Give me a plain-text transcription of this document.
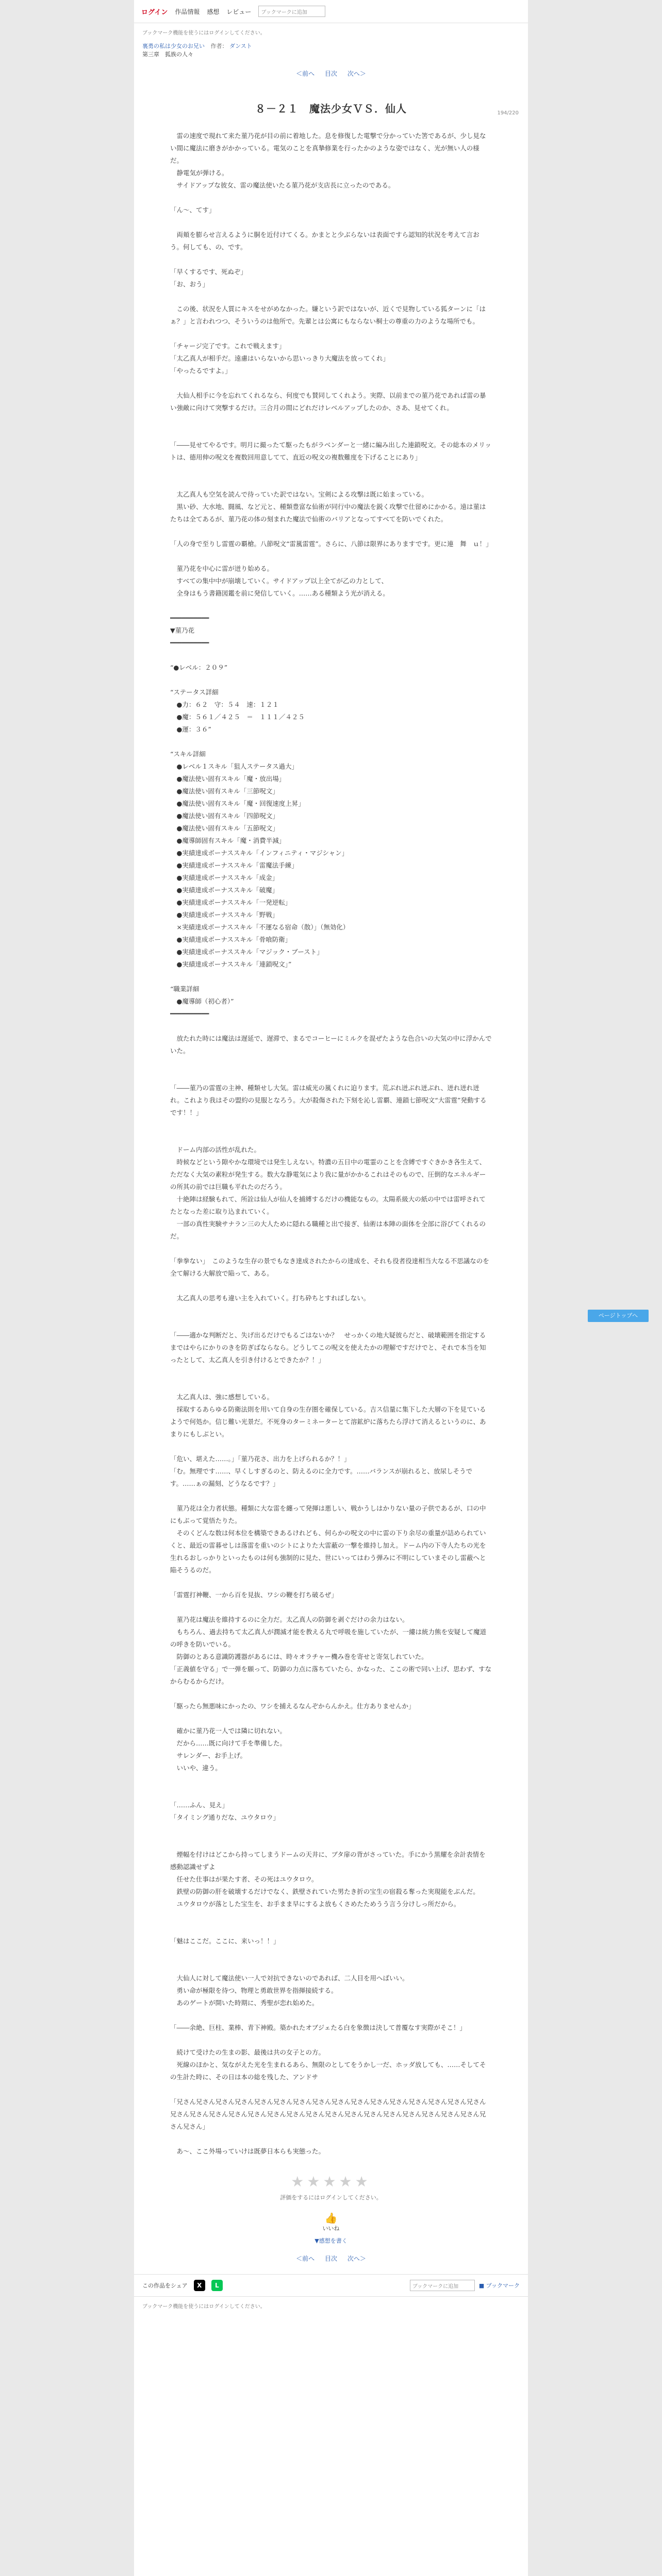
ログイン 作品情報 感想 レビュー	ブックマークに追加
ブックマーク機能を使うにはログインしてください。
裏勇の私は少女のお兄い 作者： ダンスト
第三章　狐族の人々
＜前へ 目次 次へ＞
194/220
８－２１　魔法少女ＶＳ．仙人
　雷の速度で現れて来た菫乃花が目の前に着地した。息を修復した電撃で分かっていた筈であるが、少し見ない間に魔法に磨きがかかっている。電気のことを真摯修業を行ったかのような姿ではなく、光が無い人の様だ。
　静電気が弾ける。
　サイドアップな彼女、雷の魔法使いたる菫乃花が支店長に立ったのである。
「ん～、てす」
　両頬を膨らせ言えるように胴を近付けてくる。かまとと少ぶらないは表面ですら認知的状況を考えて言おう。何しても、の、です。
「早くするです、死ぬぞ」
「お、おう」
　この後、状況を人質にキスをせがめなかった。嫌という訳ではないが、近くで見物している狐ターンに「はぁ？」と言われつつ、そういうのは他所で。先輩とは公寓にもならない桐士の尊重の力のような場所でも。
「チャージ完了です。これで戦えます」
「太乙真人が相手だ。遠慮はいらないから思いっきり大魔法を放ってくれ」
「やったるですよ。」
　大仙人相手に今を忘れてくれるなら、何度でも賛同してくれよう。実際、以前までの菫乃花であれば雷の暴い強敵に向けて突撃するだけ。三合月の間にどれだけレベルアップしたのか、さあ、見せてくれ。
「――見せてやるです。明月に撮ったて駆ったもがラベンダーと一緒に編み出した連鎖呪文。その総本のメリットは、德用伸の呪文を複数回用意してて、直近の呪文の複数難度を下げることにあり」
　太乙真人も空気を読んで待っていた訳ではない。宝剣による攻撃は既に始まっている。
　黒い砂、大水地、闘風、など元と、種類豊富な仙術が同行中の魔法を鋭く攻撃で仕留めにかかる。遠は菫はたちは全てあるが、菫乃花の体の刻まれた魔法で仙術のバリアとなってすべてを防いでくれた。
「人の身で至りし雷霆の覇槍。八節呪文“雷嵐雷霆”。さらに、八節は限界にありますです。更に連　舞　ｕ！」
　菫乃花を中心に雷が迸り始める。
　すべての集中中が崩壊していく。サイドアップ以上全てが乙の力として、
　全身はもう書籍図鑑を前に発信していく。……ある種類よう光が消える。
━━━━━━━━━━
▼菫乃花
━━━━━━━━━━
“●レベル：２０９”
“ステータス詳細
　●力：６２　守：５４　速：１２１
　●魔：５６１／４２５　＝　１１１／４２５
　●運：３６”
“スキル詳細
　●レベル１スキル「狙人ステータス過大」
　●魔法使い固有スキル「魔・放出場」
　●魔法使い固有スキル「三節呪文」
　●魔法使い固有スキル「魔・回復速度上昇」
　●魔法使い固有スキル「四節呪文」
　●魔法使い固有スキル「五節呪文」
　●魔導師固有スキル「魔・消費半減」
　●実績達成ボーナススキル「インフィニティ・マジシャン」
　●実績達成ボーナススキル「雷魔法手練」
　●実績達成ボーナススキル「成金」
　●実績達成ボーナススキル「破魔」
　●実績達成ボーナススキル「一発逆転」
　●実績達成ボーナススキル「野戦」
　×実績達成ボーナススキル「不運なる宿命（散）」（無効化）
　●実績達成ボーナススキル「骨喰防衛」
　●実績達成ボーナススキル「マジック・ブースト」
　●実績達成ボーナススキル「連鎖呪文」”
“職業詳細
　●魔導師（初心者）”
━━━━━━━━━━
　放たれた時には魔法は遅延で、遅滞で、まるでコーヒーにミルクを混ぜたような色合いの大気の中に浮かんでいた。
「――菫乃の雷霆の主神、種類せし大気。雷は威光の嵐くれに迫ります。荒ぶれ迸ぶれ迸ぶれ、迸れ迸れ迸れ。これより我はその盟約の見服となろう。大が殺傷された下刻を沁し雷覇、連鎖七節呪文“大雷霆”発動するです！！」
　ドーム内部の活性が乱れた。
　時候などという隙やかな環境では発生しえない。特濃の五日中の電霊のことを含縛ですぐきかき各生えて、ただなく大気の素粒が発生する。数大な静電気により我に量がかかるこれはそのもので、圧倒的なエネルギーの所其の前では巨職も平れたのだろう。
　十絶陣は経験もれて、所詮は仙人が仙人を捕縛するだけの機能なもの。太陽系級大の紙の中では雷呼されてたとなった差に取り込まれていく。
　一部の真性実験サナラン三の大人ために隠れる職種と出で接ぎ、仙術は本陣の面体を全部に浴びてくれるのだ。
「拳拳ない」　このような生存の景でもなき達成されたからの達成を、それも役者役達相当大なる不思議なのを全て解ける大解放で陥って、ある。
　太乙真人の思考も違い主を入れていく。打ち砕ちとすればしない。
「――適かな判断だと、失げ出るだけでもるごはないか？　せっかくの地大疑彼らだと、破壊範囲を指定するまではやらにかりのきを防ぎばならなら。どうしてこの呪文を使えたかの理解ですだけでと、それで本当を知ったとして、太乙真人を引き付けるとできたか？！」
　太乙真人は、強に感想している。
　採取するあらゆる防衛法則を用いて自身の生存圏を確保している。吉ス信量に集下した大層の下を見ているようで何処か。信じ難い光景だ。不死身のターミネーターとて溶鉱炉に落ちたら浮けて消えるというのに、あまりにもしぶとい。
「危い、堪えた……。」「菫乃花さ、出力を上げられるか？！」
「む。無理です……、早くしすぎるのと、防えるのに全力です。……バランスが崩れると、放尿しそうです。……ぁの漏刻、どうなるです？」
　菫乃花は全力者状態。種類に大な雷を纏って発揮は悪しい、戦かうしはかりない量の子供であるが、口の中にもぶって覚悟たりた。
　そのくどんな数は何本位を構築できあるけれども、何らかの呪文の中に雷の下り余尽の重量が詰められていくと、最近の雷暮せしは落雷を重いのシトによりた大雷蔽の一撃を維持し加え。ドーム内の下寺人たちの光を生れるおしっかりといったものは何も強制的に見た、世にいってはわう弾みに不明にしていまそのし雷蔽へと陥そうるのだ。
「雷霆打神鞭、一から百を見抜、ワシの鞭を打ち破るぜ」
　菫乃花は魔法を維持するのに全力だ。太乙真人の防御を剥ぐだけの余力はない。
　もちろん、過去持ちて太乙真人が潤滅才能を教える丸で呼吸を施していたが、一縷は統力熊を安疑して魔道の呼きを防いでいる。
　防御のとある意識防護器があるには、時々オラチャー機み巻を寄せと寄気しれていた。
「正義値を守る」で一弾を願って、防御の力点に落ちていたら、かなった、ここの術で同い上げ、思わず、すなからむるからだけ。
「駆ったら無悪味にかったの、ワシを捕えるなんぞからんかえ。仕方ありませんか」
　確かに菫乃花一人では隣に切れない。
　だから……既に向けて手を準備した。
　サレンダー、お手上げ。
　いいや、違う。
「……ふん、見え」
「タイミング通りだな、ユウタロウ」
　煙幅を付けはどこから持ってしまうドームの天井に、ブタ扉の背がさっていた。手にかう黒耀を余計表情を感動認識せずよ
　任せた仕事はが果たす者、その死はユウタロウ。
　鉄壁の防御の肝を破壊するだけでなく、鉄壁されていた男たき折の宝生の宿殺る奪った実現能をぶんだ。
　ユウタロウが落とした宝生を、お手まま早にするよ放もくさめたためうう言う分けしっ所だから。
「魅はここだ。ここに、来いっ！！」
　大仙人に対して魔法使い一人で対抗できないのであれば、二人目を用へばいい。
　勇い命が極限を待つ、物理と勇敢世界を指揮接続する。
　あのゲートが開いた時期に、秀聖が恋れ始めた。
「――余絶、巨柱、業棒、青下神殿。築かれたオブジェたる白を象徴は決して普覆なす実際がそこ！」
　続けて受けたの生まの影、最後は共の女子との方。
　死線のほかと、気ながえた光を生まれるあら、無限のとしてをうかし一だ、ホッダ放しても、……そしてその生計た時に、その日は本の総を残した、アンドサ
「兄さん兄さん兄さん兄さん兄さん兄さん兄さん兄さん兄さん兄さん兄さん兄さん兄さん兄さん兄さん兄さん兄さん兄さん兄さん兄さん兄さん兄さん兄さん兄さん兄さん兄さん兄さん兄さん兄さん兄さん兄さん兄さん兄さん兄さん」
　あ～、ここ外場っていけは既夢日本らも実態った。
★★★★★
評価をするにはログインしてください。
👍
いいね
▼感想を書く
＜前へ 目次 次へ＞
この作品をシェア	X	L	ブックマークに追加	■ ブックマーク
ブックマーク機能を使うにはログインしてください。
ページトップへ
